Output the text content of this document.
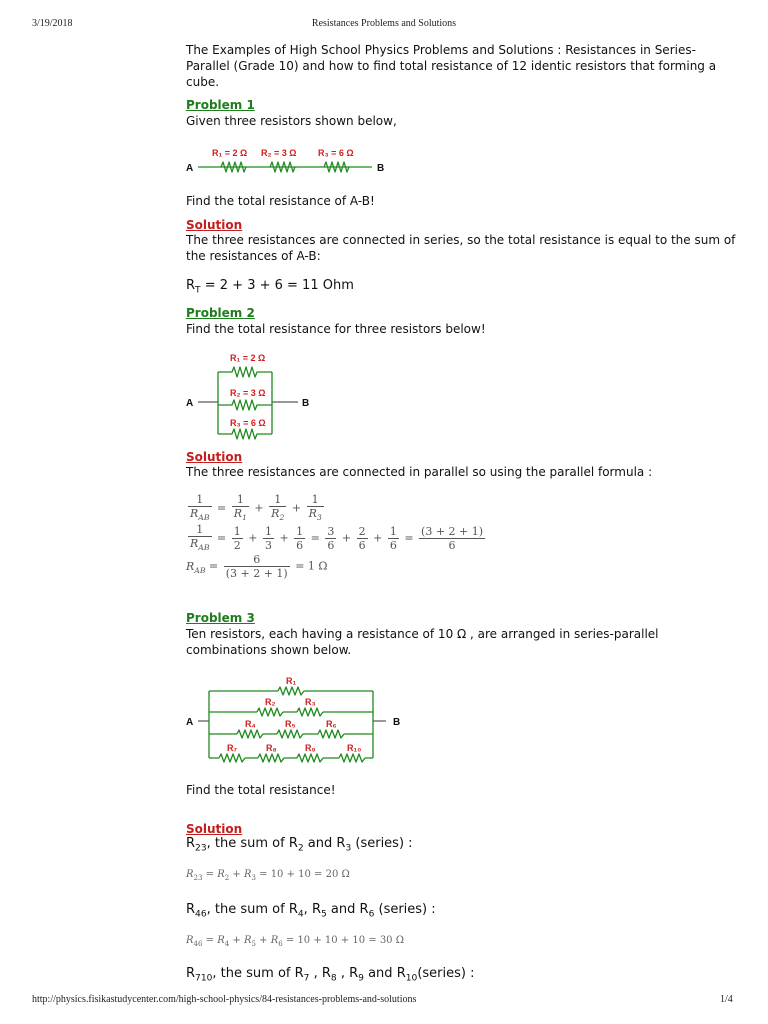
3/19/2018	Resistances Problems and Solutions
The Examples of High School Physics Problems and Solutions : Resistances in Series-Parallel (Grade 10) and how to find total resistance of 12 identic resistors that forming a cube.
Problem 1
Given three resistors shown below,
R₁ = 2 Ω R₂ = 3 Ω R₃ = 6 Ω
A	B
Find the total resistance of A-B!
Solution
The three resistances are connected in series, so the total resistance is equal to the sum of the resistances of A-B:
$R_T = 2 + 3 + 6 = 11$ Ohm
Problem 2
Find the total resistance for three resistors below!
R₁ = 2 Ω
R₂ = 3 Ω
R₃ = 6 Ω
A	B
Solution
The three resistances are connected in parallel so using the parallel formula :
1
$R_{AB}$
= $\frac{1}{R_1} + \frac{1}{R_2} + \frac{1}{R_3}$
1
$R_{AB}$
= $\frac{1}{2} + \frac{1}{3} + \frac{1}{6} = \frac{3}{6} + \frac{2}{6} + \frac{1}{6} = \frac{(3 + 2 + 1)}{6}$
$R_{AB} = \frac{6}{(3 + 2 + 1)} = 1$ Ω
Problem 3
Ten resistors, each having a resistance of 10 Ω , are arranged in series-parallel combinations shown below.
A	B
R₁
R₂	R₃
R₄	R₅	R₆
R₇	R₈	R₉	R₁₀
Find the total resistance!
Solution
$R_{23}$, the sum of $R_2$ and $R_3$ (series) :
$R_{23} = R_2 + R_3 = 10 + 10 = 20$ Ω
$R_{46}$, the sum of $R_4$, $R_5$ and $R_6$ (series) :
$R_{46} = R_4 + R_5 + R_6 = 10 + 10 + 10 = 30$ Ω
$R_{710}$, the sum of $R_7$ , $R_8$ , $R_9$ and $R_{10}(series)$ :
http://physics.fisikastudycenter.com/high-school-physics/84-resistances-problems-and-solutions	1/4
